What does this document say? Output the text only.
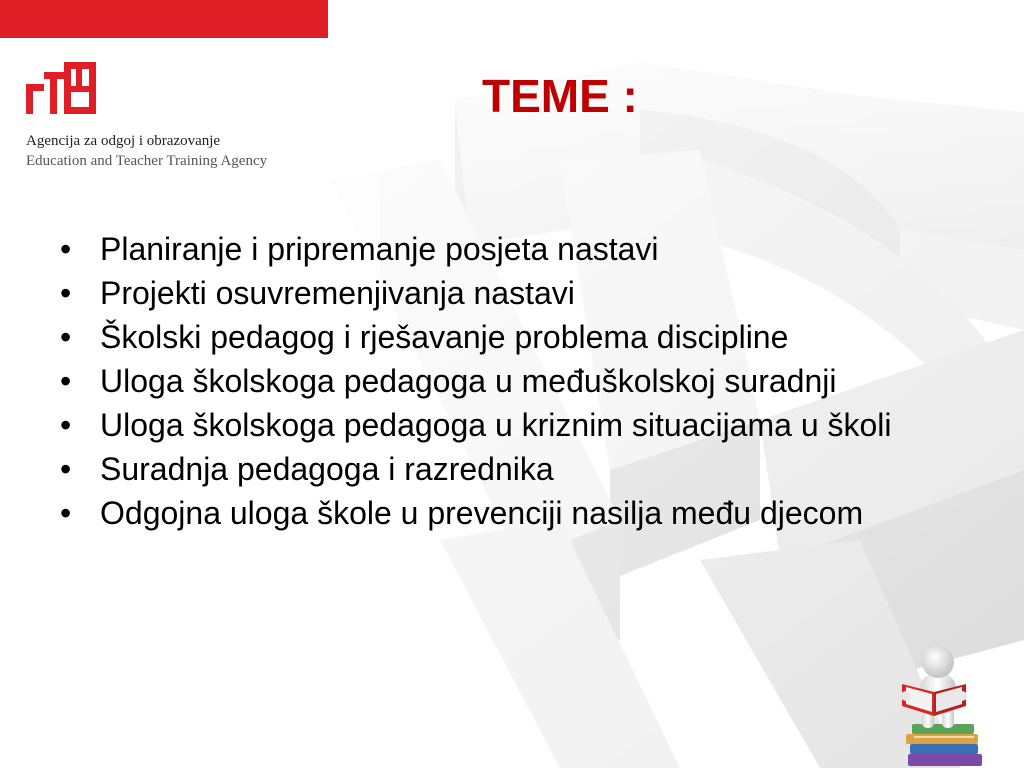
Agencija za odgoj i obrazovanje
Education and Teacher Training Agency
TEME :
• Planiranje i pripremanje posjeta nastavi
• Projekti osuvremenjivanja nastavi
• Školski pedagog i rješavanje problema discipline
• Uloga školskoga pedagoga u međuškolskoj suradnji
• Uloga školskoga pedagoga u kriznim situacijama u školi
• Suradnja pedagoga i razrednika
• Odgojna uloga škole u prevenciji nasilja među djecom
